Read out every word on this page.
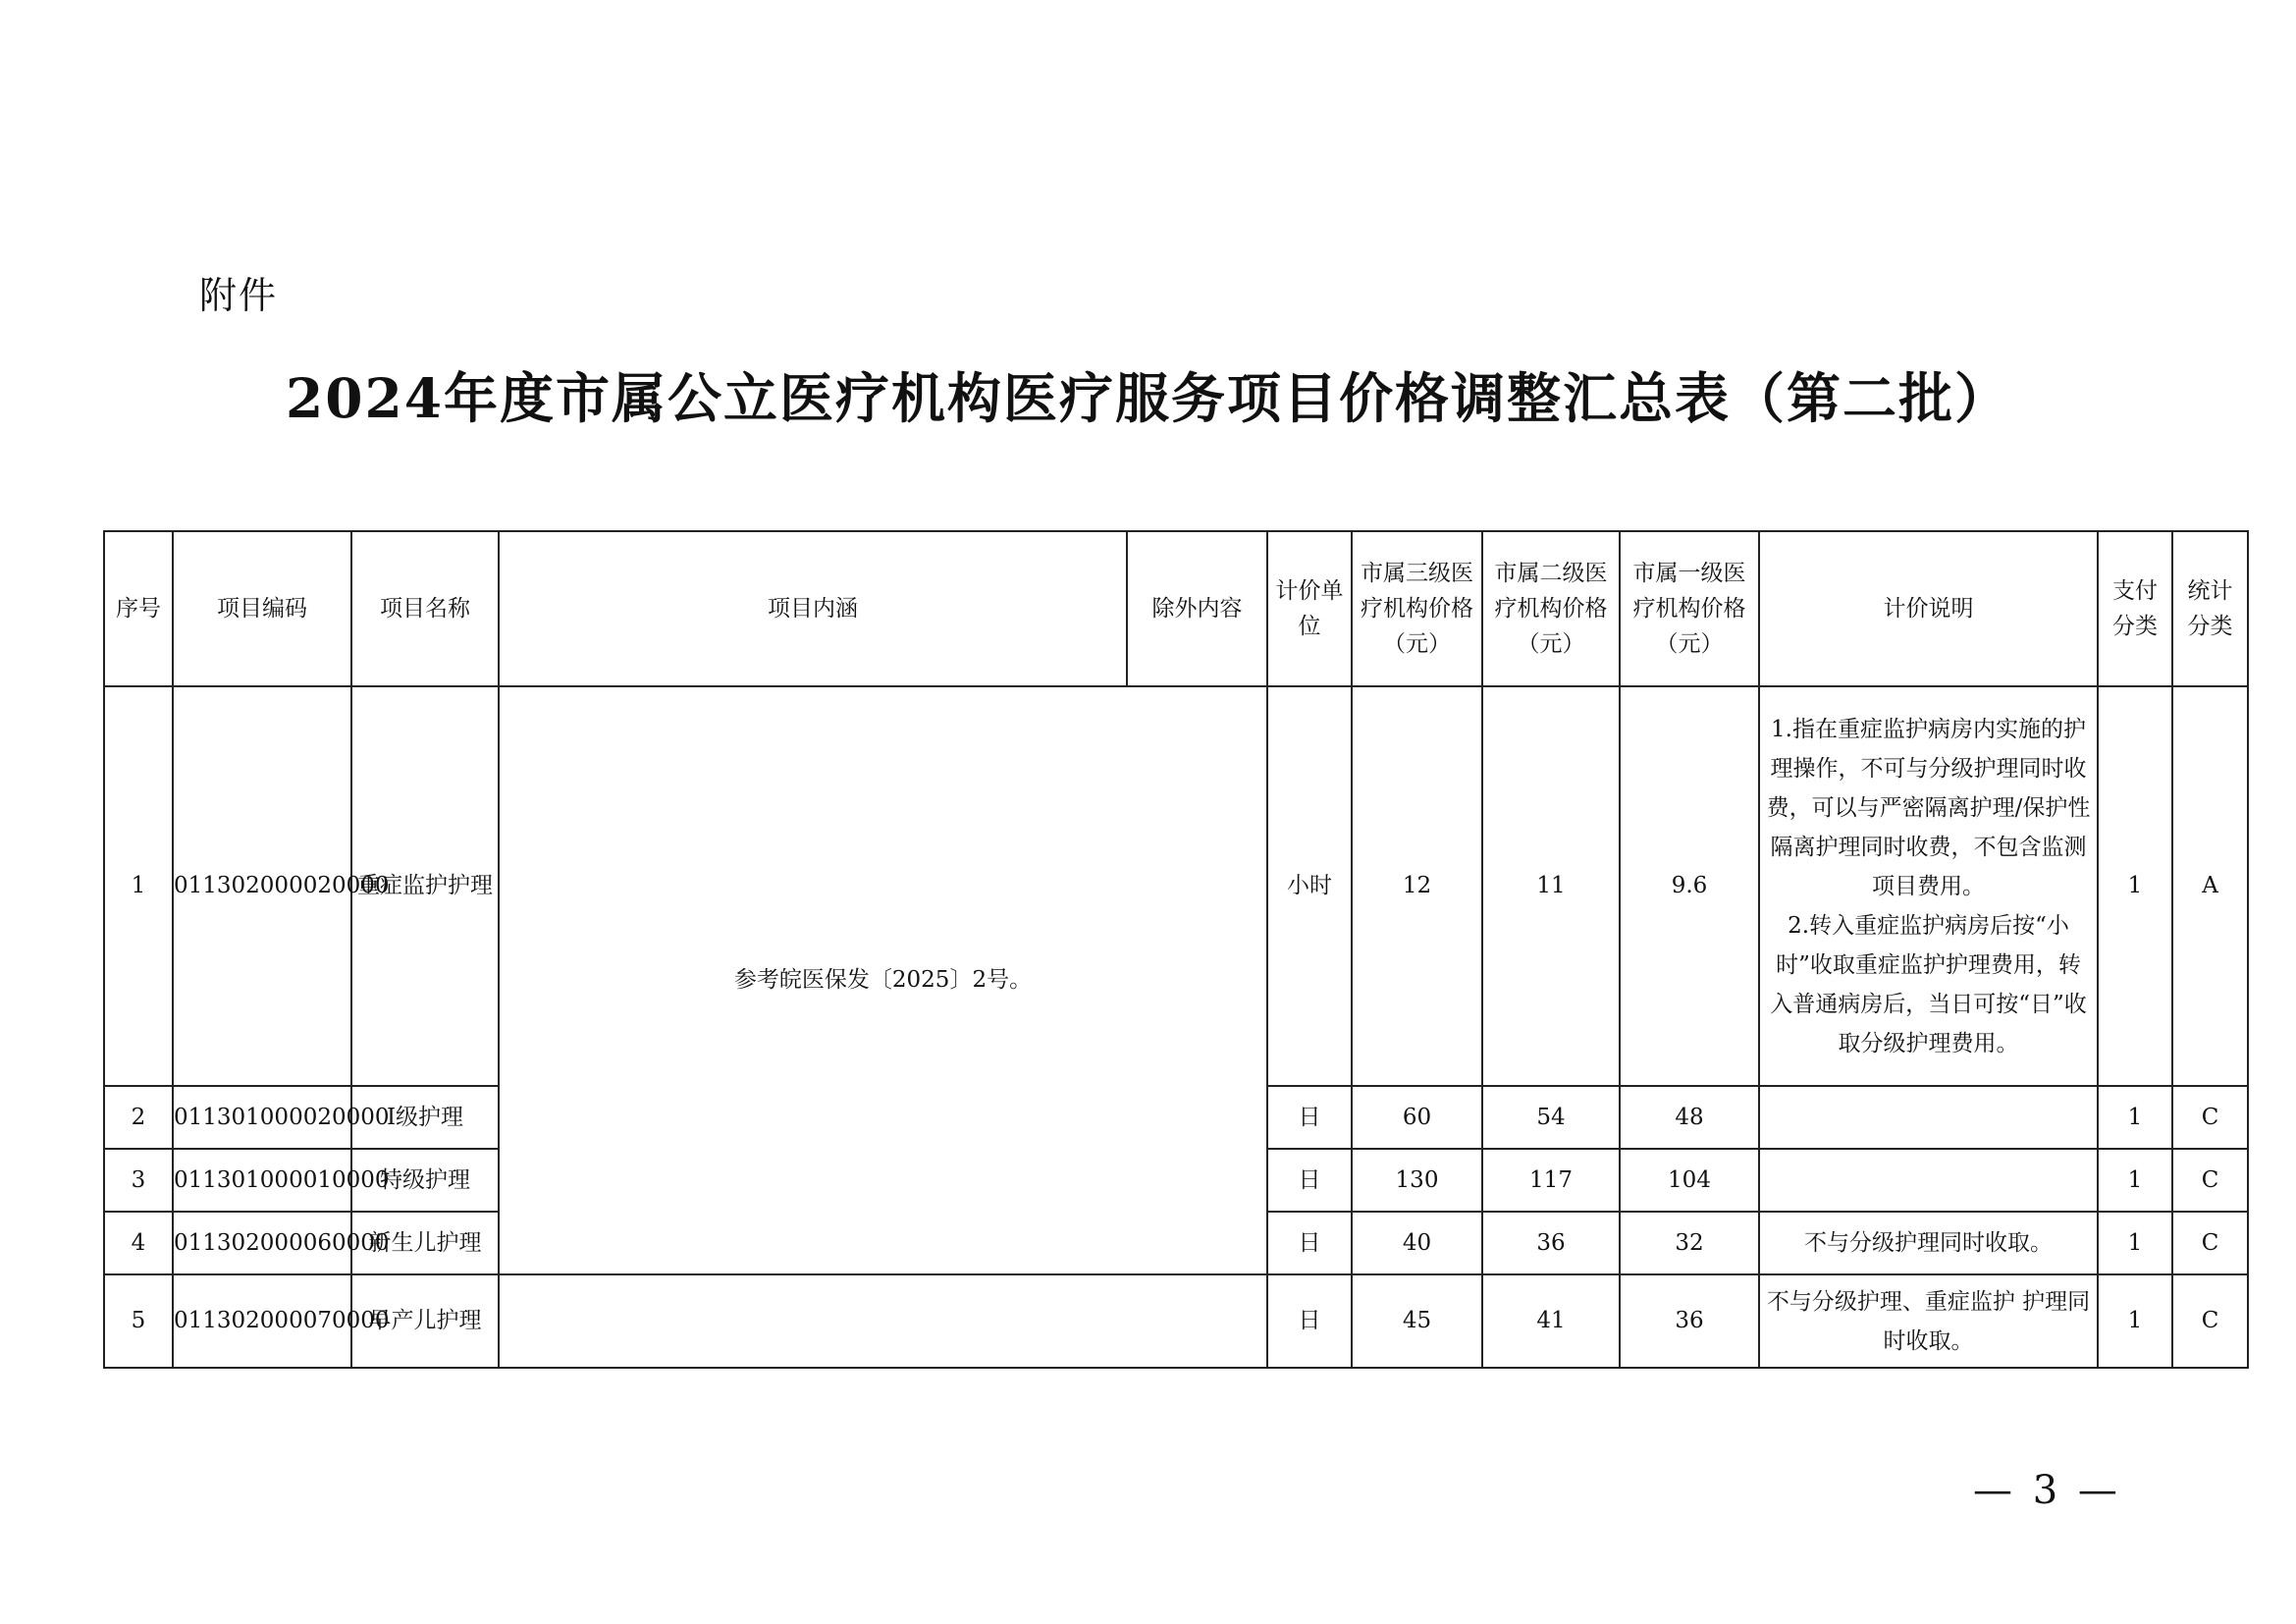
附件
2024年度市属公立医疗机构医疗服务项目价格调整汇总表（第二批）
序号	项目编码	项目名称	项目内涵	除外内容	计价单位	市属三级医疗机构价格（元）	市属二级医疗机构价格（元）	市属一级医疗机构价格（元）	计价说明	支付分类	统计分类
1	011302000020000	重症监护护理	参考皖医保发〔2025〕2号。		小时	12	11	9.6	1.指在重症监护病房内实施的护理操作，不可与分级护理同时收费，可以与严密隔离护理/保护性隔离护理同时收费，不包含监测项目费用。
2.转入重症监护病房后按“小时”收取重症监护护理费用，转入普通病房后，当日可按“日”收取分级护理费用。	1	A
2	011301000020000	Ⅰ级护理			日	60	54	48		1	C
3	011301000010000	特级护理			日	130	117	104		1	C
4	011302000060000	新生儿护理			日	40	36	32	不与分级护理同时收取。	1	C
5	011302000070000	早产儿护理			日	45	41	36	不与分级护理、重症监护 护理同时收取。	1	C
— 3 —
